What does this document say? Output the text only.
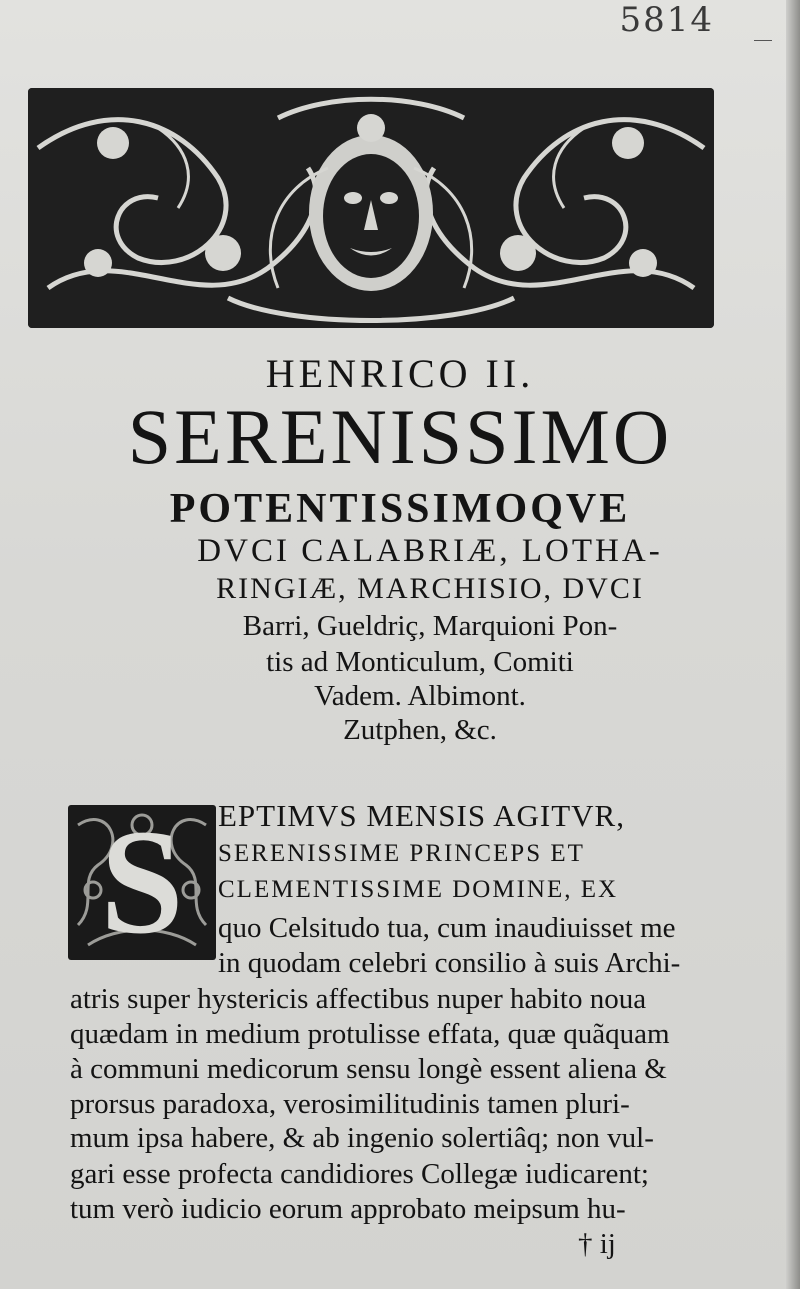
5814
HENRICO II.
SERENISSIMO
POTENTISSIMOQVE
DVCI CALABRIÆ, LOTHA-
RINGIÆ, MARCHISIO, DVCI
Barri, Gueldriç, Marquioni Pon-
tis ad Monticulum, Comiti
Vadem. Albimont.
Zutphen, &c.
S	EPTIMVS MENSIS AGITVR,
SERENISSIME PRINCEPS ET
CLEMENTISSIME DOMINE, EX
quo Celsitudo tua, cum inaudiuisset me
in quodam celebri consilio à suis Archi-
atris super hystericis affectibus nuper habito noua
quædam in medium protulisse effata, quæ quãquam
à communi medicorum sensu longè essent aliena &
prorsus paradoxa, verosimilitudinis tamen pluri-
mum ipsa habere, & ab ingenio solertiâq; non vul-
gari esse profecta candidiores Collegæ iudicarent;
tum verò iudicio eorum approbato meipsum hu-
† ij
